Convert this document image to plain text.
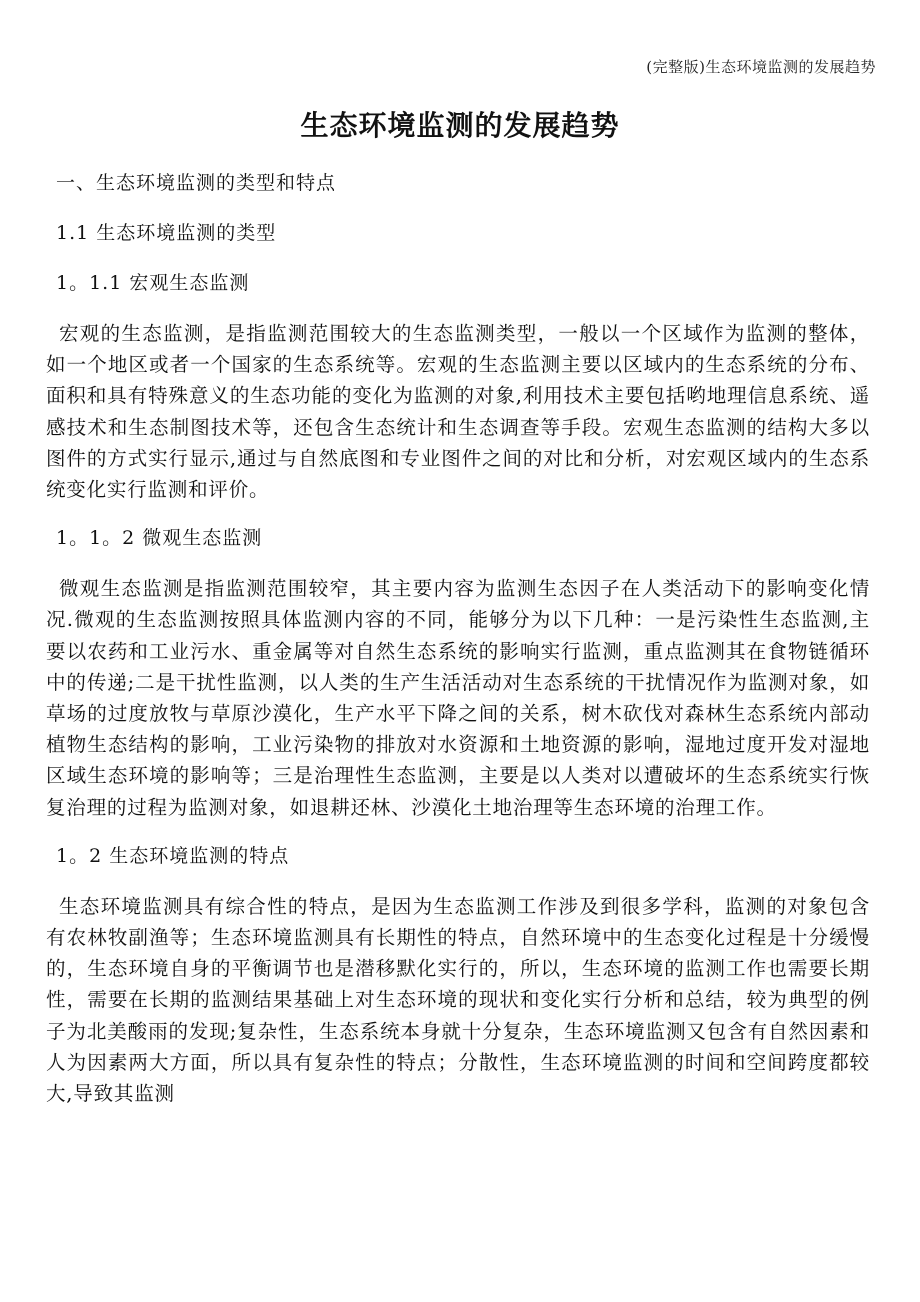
(完整版)生态环境监测的发展趋势
生态环境监测的发展趋势
一、生态环境监测的类型和特点
1.1 生态环境监测的类型
1。1.1 宏观生态监测

宏观的生态监测，是指监测范围较大的生态监测类型，一般以一个区域作为监测的整体，如一个地区或者一个国家的生态系统等。宏观的生态监测主要以区域内的生态系统的分布、面积和具有特殊意义的生态功能的变化为监测的对象,利用技术主要包括哟地理信息系统、遥感技术和生态制图技术等，还包含生态统计和生态调查等手段。宏观生态监测的结构大多以图件的方式实行显示,通过与自然底图和专业图件之间的对比和分析，对宏观区域内的生态系统变化实行监测和评价。

1。1。2 微观生态监测

微观生态监测是指监测范围较窄，其主要内容为监测生态因子在人类活动下的影响变化情况.微观的生态监测按照具体监测内容的不同，能够分为以下几种：一是污染性生态监测,主要以农药和工业污水、重金属等对自然生态系统的影响实行监测，重点监测其在食物链循环中的传递;二是干扰性监测，以人类的生产生活活动对生态系统的干扰情况作为监测对象，如草场的过度放牧与草原沙漠化，生产水平下降之间的关系，树木砍伐对森林生态系统内部动植物生态结构的影响，工业污染物的排放对水资源和土地资源的影响，湿地过度开发对湿地区域生态环境的影响等；三是治理性生态监测，主要是以人类对以遭破坏的生态系统实行恢复治理的过程为监测对象，如退耕还林、沙漠化土地治理等生态环境的治理工作。

1。2 生态环境监测的特点

生态环境监测具有综合性的特点，是因为生态监测工作涉及到很多学科，监测的对象包含有农林牧副渔等；生态环境监测具有长期性的特点，自然环境中的生态变化过程是十分缓慢的，生态环境自身的平衡调节也是潜移默化实行的，所以，生态环境的监测工作也需要长期性，需要在长期的监测结果基础上对生态环境的现状和变化实行分析和总结，较为典型的例子为北美酸雨的发现;复杂性，生态系统本身就十分复杂，生态环境监测又包含有自然因素和人为因素两大方面，所以具有复杂性的特点；分散性，生态环境监测的时间和空间跨度都较大,导致其监测
